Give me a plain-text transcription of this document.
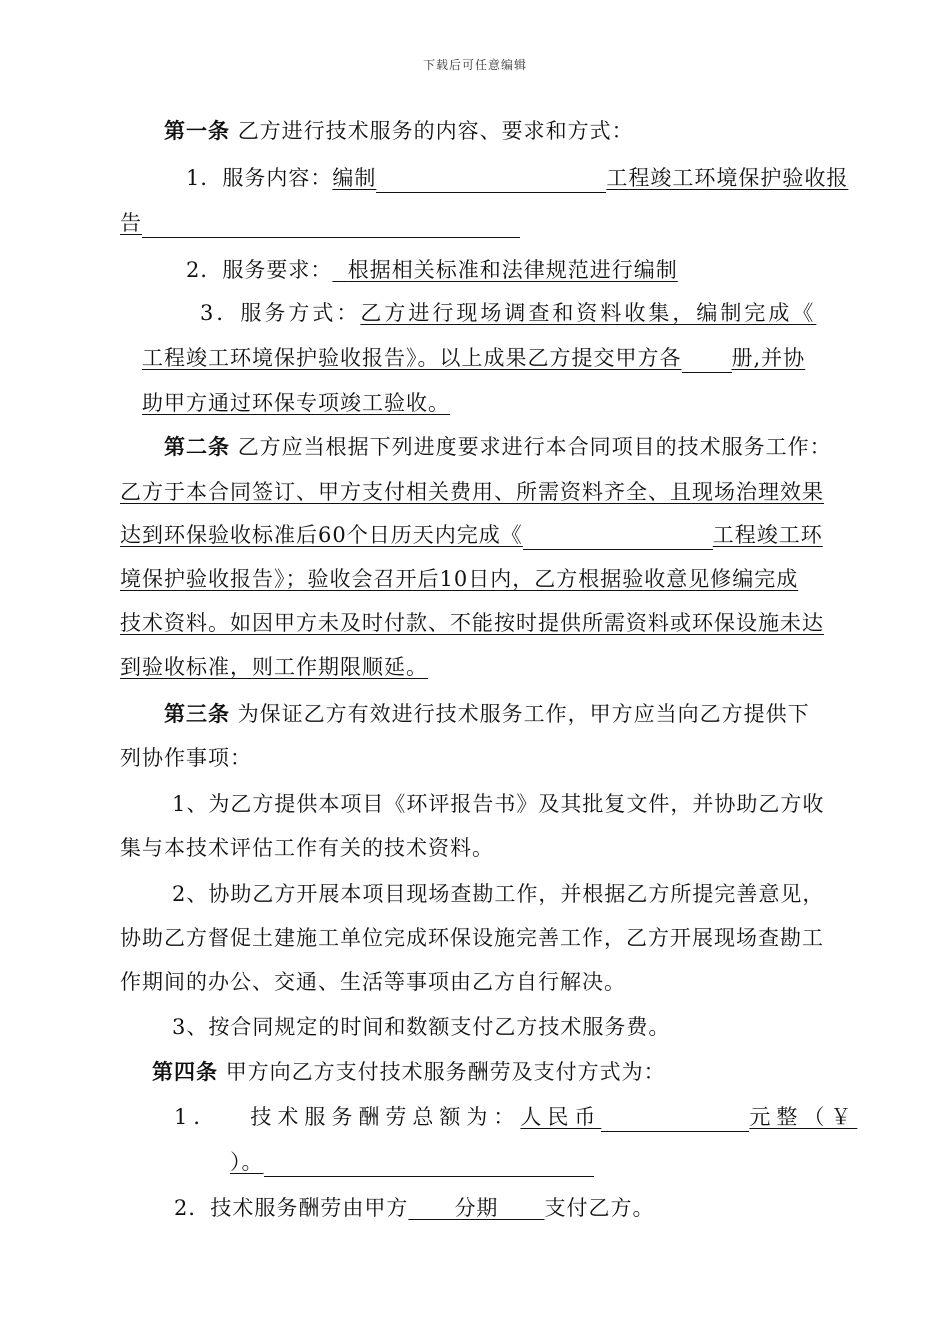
下载后可任意编辑
第一条 乙方进行技术服务的内容、要求和方式：
1．服务内容：编制	工程竣工环境保护验收报
告
2．服务要求： 根据相关标准和法律规范进行编制
3．服务方式：乙方进行现场调查和资料收集，编制完成《
工程竣工环境保护验收报告》。以上成果乙方提交甲方各 册,并协
助甲方通过环保专项竣工验收。
第二条 乙方应当根据下列进度要求进行本合同项目的技术服务工作：
乙方于本合同签订、甲方支付相关费用、所需资料齐全、且现场治理效果
达到环保验收标准后60个日历天内完成《	工程竣工环
境保护验收报告》；验收会召开后10日内，乙方根据验收意见修编完成
技术资料。如因甲方未及时付款、不能按时提供所需资料或环保设施未达
到验收标准，则工作期限顺延。
第三条 为保证乙方有效进行技术服务工作，甲方应当向乙方提供下
列协作事项：
1、为乙方提供本项目《环评报告书》及其批复文件，并协助乙方收
集与本技术评估工作有关的技术资料。
2、协助乙方开展本项目现场查勘工作，并根据乙方所提完善意见，
协助乙方督促土建施工单位完成环保设施完善工作，乙方开展现场查勘工
作期间的办公、交通、生活等事项由乙方自行解决。
3、按合同规定的时间和数额支付乙方技术服务费。
第四条 甲方向乙方支付技术服务酬劳及支付方式为：
1． 技术服务酬劳总额为：人民币	元整（￥
）。
2．技术服务酬劳由甲方 分期 支付乙方。
